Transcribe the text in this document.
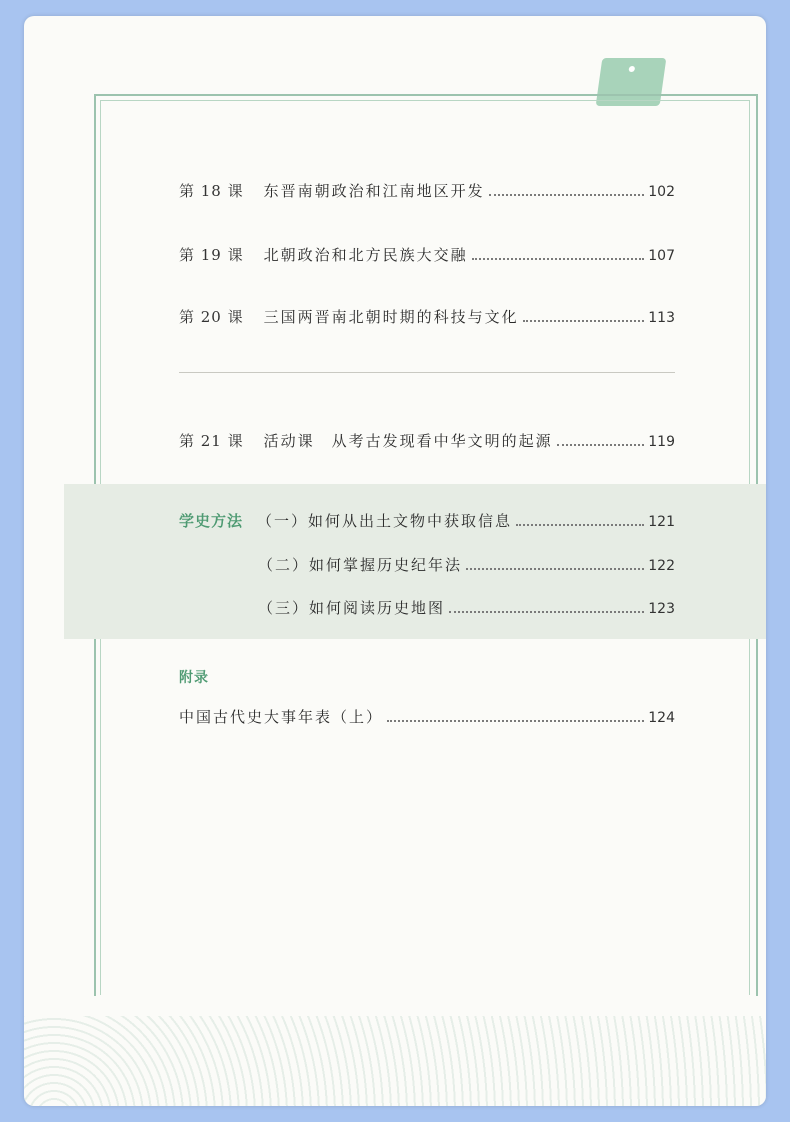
第 18 课 东晋南朝政治和江南地区开发	102
第 19 课 北朝政治和北方民族大交融	107
第 20 课 三国两晋南北朝时期的科技与文化	113
第 21 课 活动课　从考古发现看中华文明的起源	119
学史方法 （一）如何从出土文物中获取信息	121
（二）如何掌握历史纪年法	122
（三）如何阅读历史地图	123
附录
中国古代史大事年表（上）	124
